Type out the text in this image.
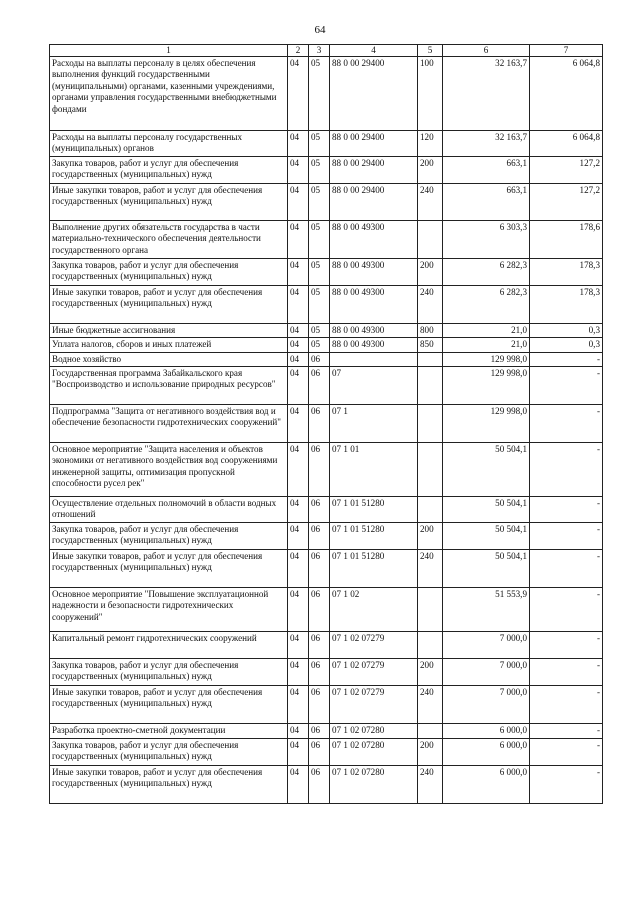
64
1	2	3	4	5	6	7
Расходы на выплаты персоналу в целях обеспечения выполнения функций государственными (муниципальными) органами, казенными учреждениями, органами управления государственными внебюджетными фондами	04	05	88 0 00 29400	100	32 163,7	6 064,8
Расходы на выплаты персоналу государственных (муниципальных) органов	04	05	88 0 00 29400	120	32 163,7	6 064,8
Закупка товаров, работ и услуг для обеспечения государственных (муниципальных) нужд	04	05	88 0 00 29400	200	663,1	127,2
Иные закупки товаров, работ и услуг для обеспечения государственных (муниципальных) нужд	04	05	88 0 00 29400	240	663,1	127,2
Выполнение других обязательств государства в части материально-технического обеспечения деятельности государственного органа	04	05	88 0 00 49300		6 303,3	178,6
Закупка товаров, работ и услуг для обеспечения государственных (муниципальных) нужд	04	05	88 0 00 49300	200	6 282,3	178,3
Иные закупки товаров, работ и услуг для обеспечения государственных (муниципальных) нужд	04	05	88 0 00 49300	240	6 282,3	178,3
Иные бюджетные ассигнования	04	05	88 0 00 49300	800	21,0	0,3
Уплата налогов, сборов и иных платежей	04	05	88 0 00 49300	850	21,0	0,3
Водное хозяйство	04	06			129 998,0	-
Государственная программа Забайкальского края "Воспроизводство и использование природных ресурсов"	04	06	07		129 998,0	-
Подпрограмма "Защита от негативного воздействия вод и обеспечение безопасности гидротехнических сооружений"	04	06	07 1		129 998,0	-
Основное мероприятие "Защита населения и объектов экономики от негативного воздействия вод сооружениями инженерной защиты, оптимизация пропускной способности русел рек"	04	06	07 1 01		50 504,1	-
Осуществление отдельных полномочий в области водных отношений	04	06	07 1 01 51280		50 504,1	-
Закупка товаров, работ и услуг для обеспечения государственных (муниципальных) нужд	04	06	07 1 01 51280	200	50 504,1	-
Иные закупки товаров, работ и услуг для обеспечения государственных (муниципальных) нужд	04	06	07 1 01 51280	240	50 504,1	-
Основное мероприятие "Повышение эксплуатационной надежности и безопасности гидротехнических сооружений"	04	06	07 1 02		51 553,9	-
Капитальный ремонт гидротехнических сооружений	04	06	07 1 02 07279		7 000,0	-
Закупка товаров, работ и услуг для обеспечения государственных (муниципальных) нужд	04	06	07 1 02 07279	200	7 000,0	-
Иные закупки товаров, работ и услуг для обеспечения государственных (муниципальных) нужд	04	06	07 1 02 07279	240	7 000,0	-
Разработка проектно-сметной документации	04	06	07 1 02 07280		6 000,0	-
Закупка товаров, работ и услуг для обеспечения государственных (муниципальных) нужд	04	06	07 1 02 07280	200	6 000,0	-
Иные закупки товаров, работ и услуг для обеспечения государственных (муниципальных) нужд	04	06	07 1 02 07280	240	6 000,0	-
